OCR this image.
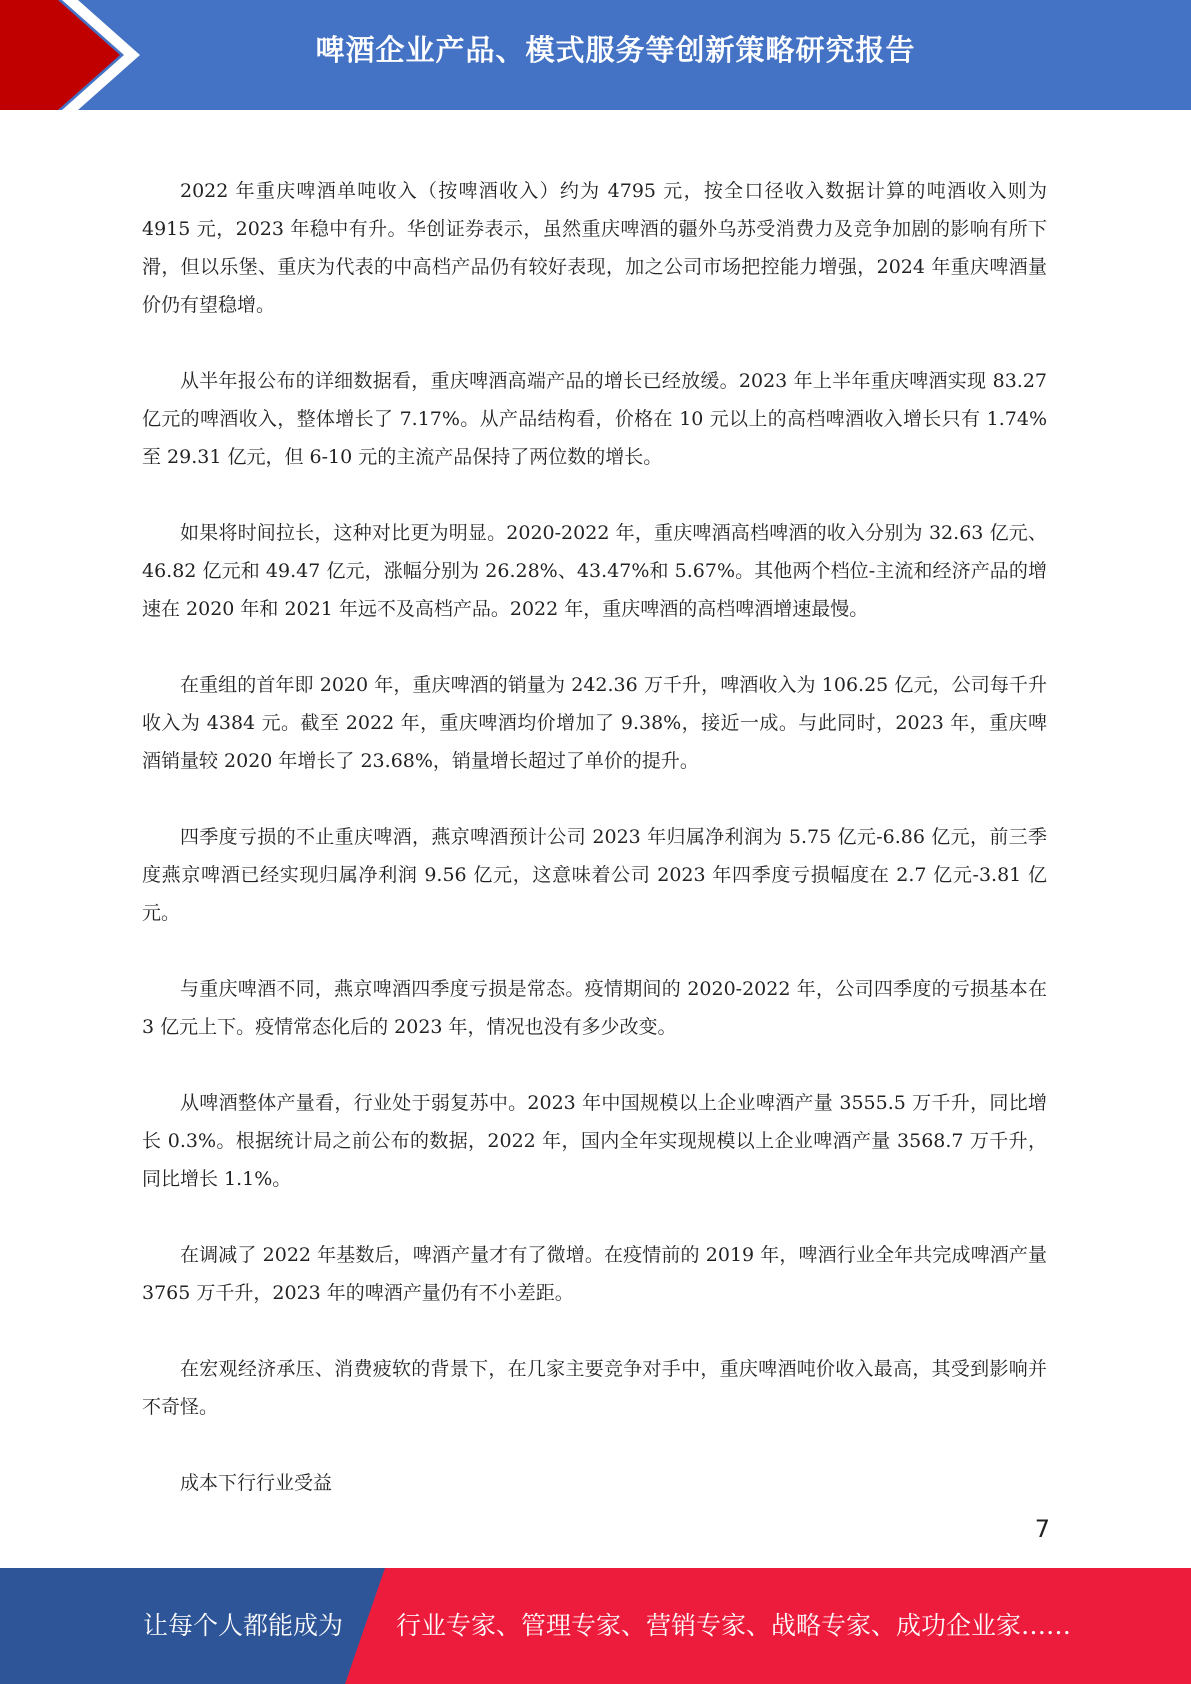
啤酒企业产品、模式服务等创新策略研究报告

2022 年重庆啤酒单吨收入（按啤酒收入）约为 4795 元，按全口径收入数据计算的吨酒收入则为 4915 元，2023 年稳中有升。华创证券表示，虽然重庆啤酒的疆外乌苏受消费力及竞争加剧的影响有所下滑，但以乐堡、重庆为代表的中高档产品仍有较好表现，加之公司市场把控能力增强，2024 年重庆啤酒量价仍有望稳增。

从半年报公布的详细数据看，重庆啤酒高端产品的增长已经放缓。2023 年上半年重庆啤酒实现 83.27 亿元的啤酒收入，整体增长了 7.17%。从产品结构看，价格在 10 元以上的高档啤酒收入增长只有 1.74%至 29.31 亿元，但 6-10 元的主流产品保持了两位数的增长。

如果将时间拉长，这种对比更为明显。2020-2022 年，重庆啤酒高档啤酒的收入分别为 32.63 亿元、46.82 亿元和 49.47 亿元，涨幅分别为 26.28%、43.47%和 5.67%。其他两个档位-主流和经济产品的增速在 2020 年和 2021 年远不及高档产品。2022 年，重庆啤酒的高档啤酒增速最慢。

在重组的首年即 2020 年，重庆啤酒的销量为 242.36 万千升，啤酒收入为 106.25 亿元，公司每千升收入为 4384 元。截至 2022 年，重庆啤酒均价增加了 9.38%，接近一成。与此同时，2023 年，重庆啤酒销量较 2020 年增长了 23.68%，销量增长超过了单价的提升。

四季度亏损的不止重庆啤酒，燕京啤酒预计公司 2023 年归属净利润为 5.75 亿元-6.86 亿元，前三季度燕京啤酒已经实现归属净利润 9.56 亿元，这意味着公司 2023 年四季度亏损幅度在 2.7 亿元-3.81 亿元。

与重庆啤酒不同，燕京啤酒四季度亏损是常态。疫情期间的 2020-2022 年，公司四季度的亏损基本在 3 亿元上下。疫情常态化后的 2023 年，情况也没有多少改变。

从啤酒整体产量看，行业处于弱复苏中。2023 年中国规模以上企业啤酒产量 3555.5 万千升，同比增长 0.3%。根据统计局之前公布的数据，2022 年，国内全年实现规模以上企业啤酒产量 3568.7 万千升，同比增长 1.1%。

在调减了 2022 年基数后，啤酒产量才有了微增。在疫情前的 2019 年，啤酒行业全年共完成啤酒产量 3765 万千升，2023 年的啤酒产量仍有不小差距。

在宏观经济承压、消费疲软的背景下，在几家主要竞争对手中，重庆啤酒吨价收入最高，其受到影响并不奇怪。

成本下行行业受益

7
让每个人都能成为 行业专家、管理专家、营销专家、战略专家、成功企业家……
